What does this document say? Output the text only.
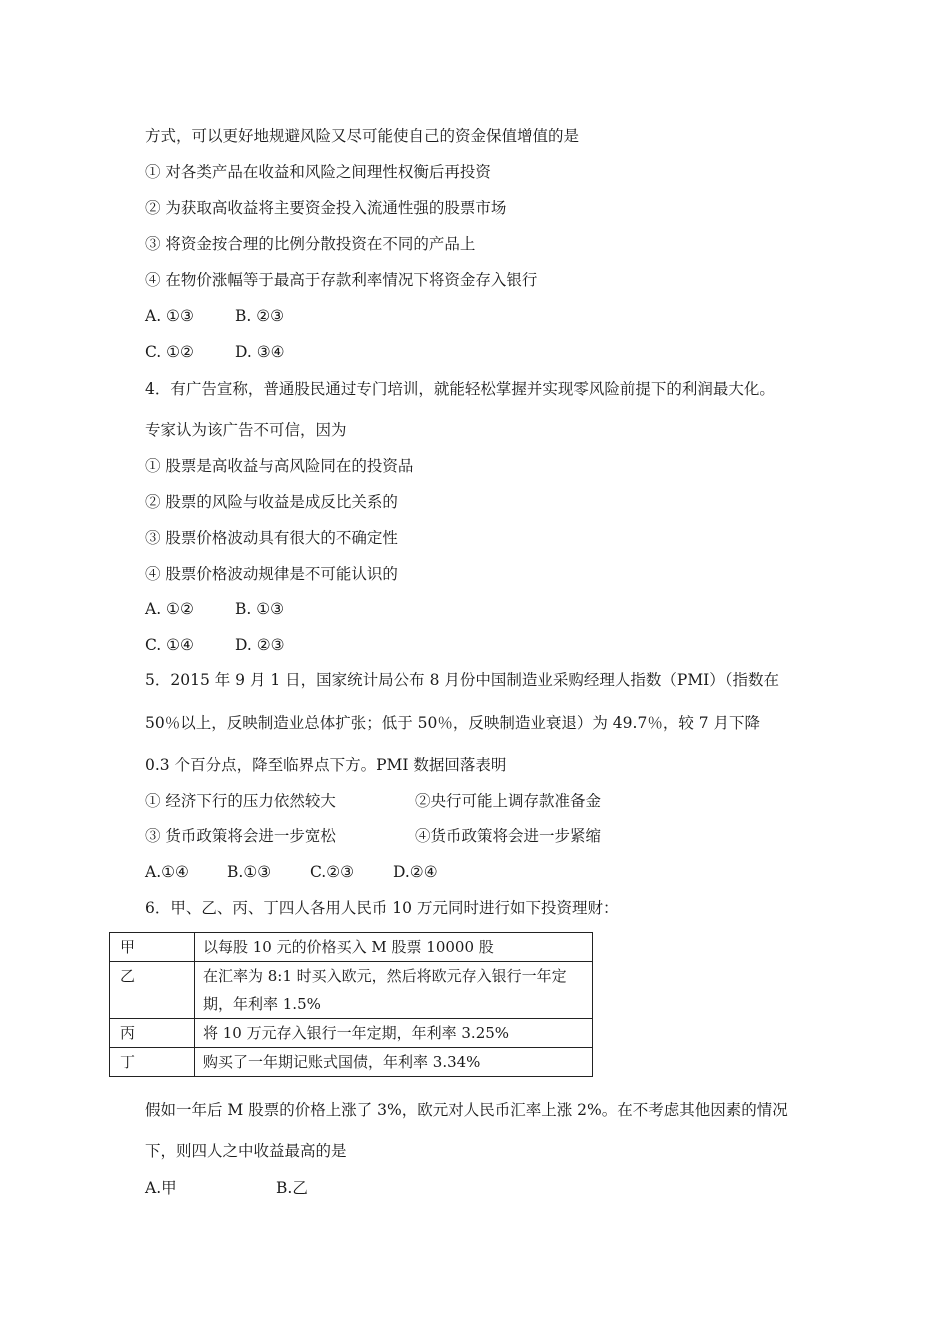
方式，可以更好地规避风险又尽可能使自己的资金保值增值的是
① 对各类产品在收益和风险之间理性权衡后再投资
② 为获取高收益将主要资金投入流通性强的股票市场
③ 将资金按合理的比例分散投资在不同的产品上
④ 在物价涨幅等于最高于存款利率情况下将资金存入银行
A. ①③	B. ②③
C. ①②	D. ③④
4．有广告宣称，普通股民通过专门培训，就能轻松掌握并实现零风险前提下的利润最大化。
专家认为该广告不可信，因为
① 股票是高收益与高风险同在的投资品
② 股票的风险与收益是成反比关系的
③ 股票价格波动具有很大的不确定性
④ 股票价格波动规律是不可能认识的
A. ①②	B. ①③
C. ①④	D. ②③
5．2015 年 9 月 1 日，国家统计局公布 8 月份中国制造业采购经理人指数（PMI）（指数在
50％以上，反映制造业总体扩张；低于 50％，反映制造业衰退）为 49.7％，较 7 月下降
0.3 个百分点，降至临界点下方。PMI 数据回落表明
① 经济下行的压力依然较大	②央行可能上调存款准备金
③ 货币政策将会进一步宽松	④货币政策将会进一步紧缩
A.①④ B.①③	C.②③	D.②④
6．甲、乙、丙、丁四人各用人民币 10 万元同时进行如下投资理财：
甲	以每股 10 元的价格买入 M 股票 10000 股
乙	在汇率为 8:1 时买入欧元，然后将欧元存入银行一年定期，年利率 1.5%
丙	将 10 万元存入银行一年定期，年利率 3.25%
丁	购买了一年期记账式国债，年利率 3.34%
假如一年后 M 股票的价格上涨了 3%，欧元对人民币汇率上涨 2%。在不考虑其他因素的情况
下，则四人之中收益最高的是
A.甲	B.乙
